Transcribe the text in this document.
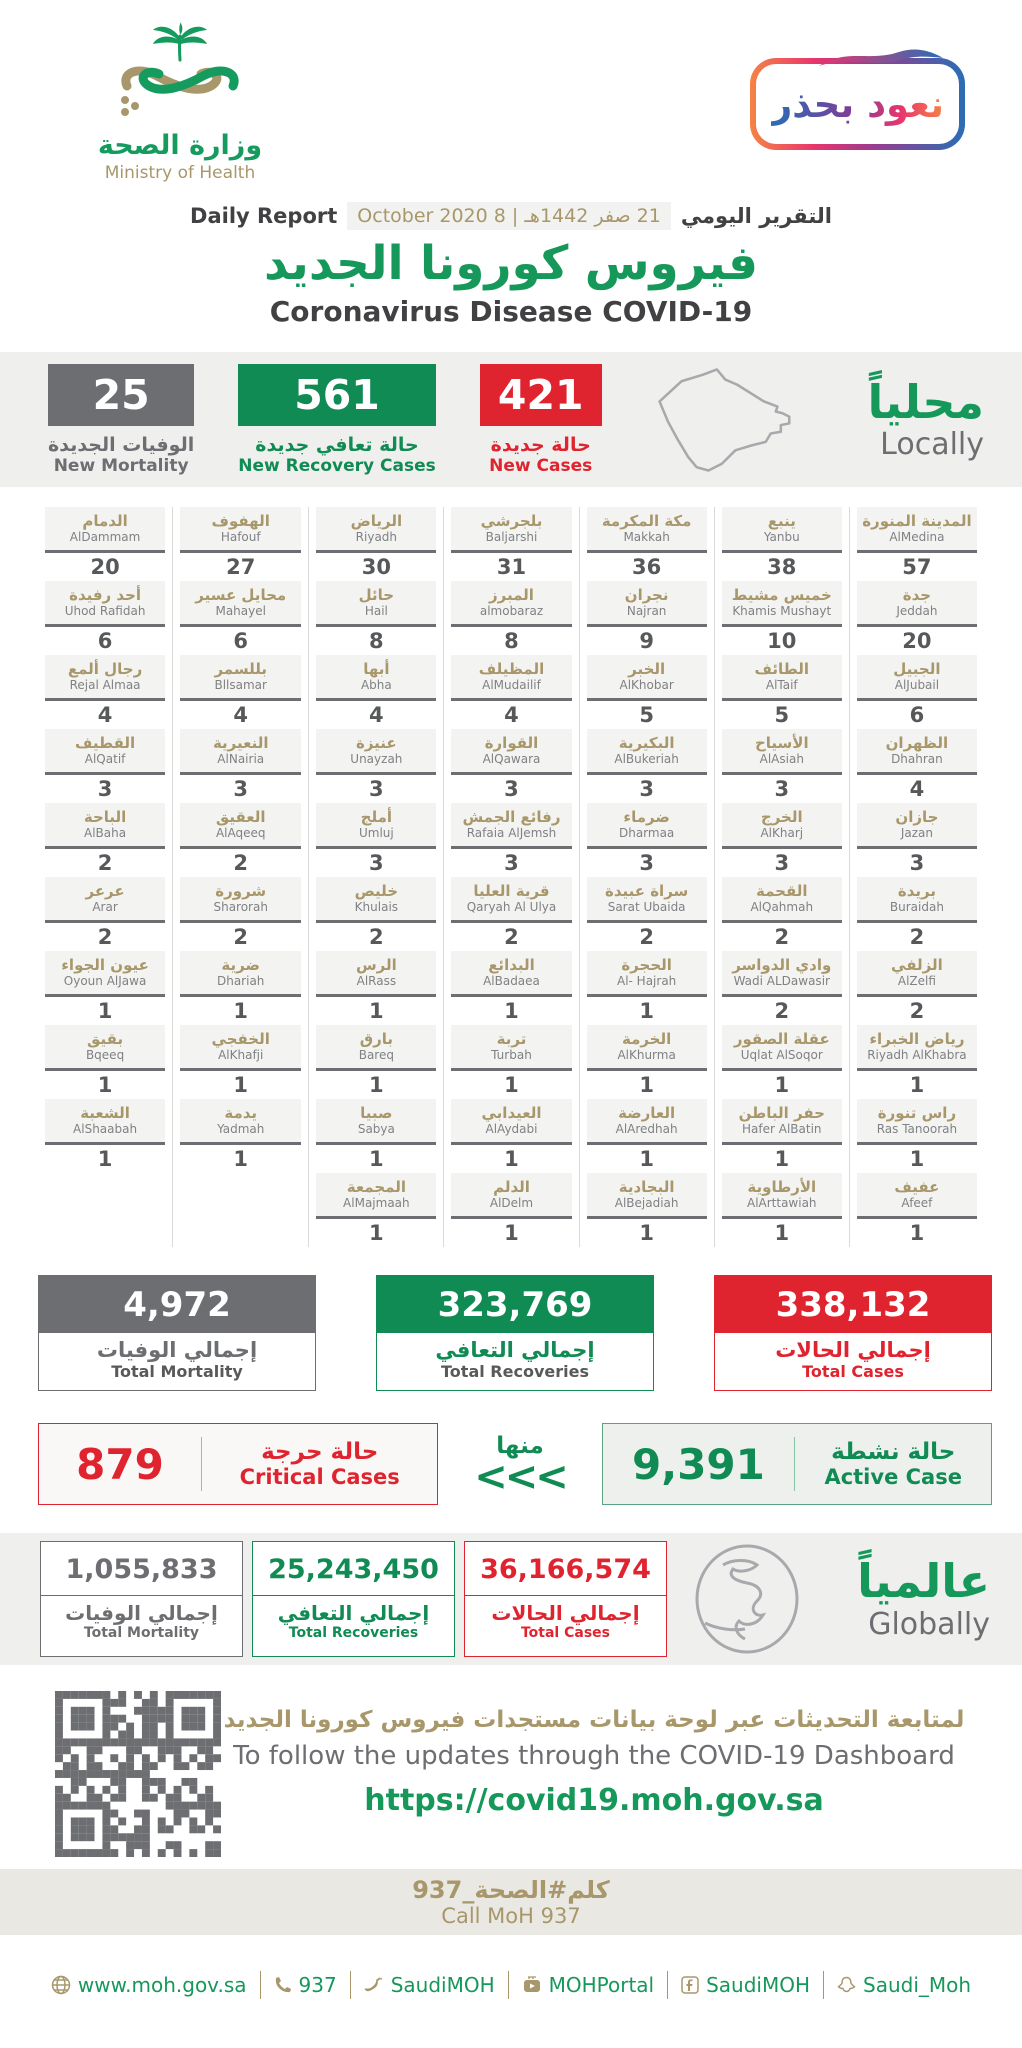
وزارة الصحة
Ministry of Health
نعود بحذر
Daily Report	21 صفر 1442هـ | 8 October 2020 التقرير اليومي
فيروس كورونا الجديد
Coronavirus Disease COVID-19
25
الوفيات الجديدة
New Mortality
561
حالة تعافي جديدة
New Recovery Cases
421
حالة جديدة
New Cases
محلياً
Locally
الدمام
AlDammam
20
أحد رفيدة
Uhod Rafidah
6
رجال ألمع
Rejal Almaa
4
القطيف
AlQatif
3
الباحة
AlBaha
2
عرعر
Arar
2
عيون الجواء
Oyoun AlJawa
1
بقيق
Bqeeq
1
الشعبة
AlShaabah
1
الهفوف
Hafouf
27
محايل عسير
Mahayel
6
بللسمر
Bllsamar
4
النعيرية
AlNairia
3
العقيق
AlAqeeq
2
شرورة
Sharorah
2
ضرية
Dhariah
1
الخفجي
AlKhafji
1
يدمة
Yadmah
1
الرياض
Riyadh
30
حائل
Hail
8
أبها
Abha
4
عنيزة
Unayzah
3
أملج
Umluj
3
خليص
Khulais
2
الرس
AlRass
1
بارق
Bareq
1
صبيا
Sabya
1
المجمعة
AlMajmaah
1
بلجرشي
Baljarshi
31
المبرز
almobaraz
8
المظيلف
AlMudailif
4
القوارة
AlQawara
3
رفائع الجمش
Rafaia AlJemsh
3
قرية العليا
Qaryah Al Ulya
2
البدائع
AlBadaea
1
تربة
Turbah
1
العيدابي
AlAydabi
1
الدلم
AlDelm
1
مكة المكرمة
Makkah
36
نجران
Najran
9
الخبر
AlKhobar
5
البكيرية
AlBukeriah
3
ضرماء
Dharmaa
3
سراة عبيدة
Sarat Ubaida
2
الحجرة
Al- Hajrah
1
الخرمة
AlKhurma
1
العارضة
AlAredhah
1
البجادية
AlBejadiah
1
ينبع
Yanbu
38
خميس مشيط
Khamis Mushayt
10
الطائف
AlTaif
5
الأسياح
AlAsiah
3
الخرج
AlKharj
3
القحمة
AlQahmah
2
وادي الدواسر
Wadi ALDawasir
2
عقلة الصقور
Uqlat AlSoqor
1
حفر الباطن
Hafer AlBatin
1
الأرطاوية
AlArttawiah
1
المدينة المنورة
AlMedina
57
جدة
Jeddah
20
الجبيل
AlJubail
6
الظهران
Dhahran
4
جازان
Jazan
3
بريدة
Buraidah
2
الزلفي
AlZelfi
2
رياض الخبراء
Riyadh AlKhabra
1
راس تنورة
Ras Tanoorah
1
عفيف
Afeef
1
4,972
إجمالي الوفيات
Total Mortality
323,769
إجمالي التعافي
Total Recoveries
338,132
إجمالي الحالات
Total Cases
879	حالة حرجة
Critical Cases
منها
<<< 9,391	حالة نشطة
Active Case
1,055,833
إجمالي الوفيات
Total Mortality
25,243,450
إجمالي التعافي
Total Recoveries
36,166,574
إجمالي الحالات
Total Cases
عالمياً
Globally
لمتابعة التحديثات عبر لوحة بيانات مستجدات فيروس كورونا الجديد
To follow the updates through the COVID-19 Dashboard
https://covid19.moh.gov.sa
كلم#الصحة_937
Call MoH 937
www.moh.gov.sa	937	SaudiMOH	MOHPortal	SaudiMOH	Saudi_Moh
